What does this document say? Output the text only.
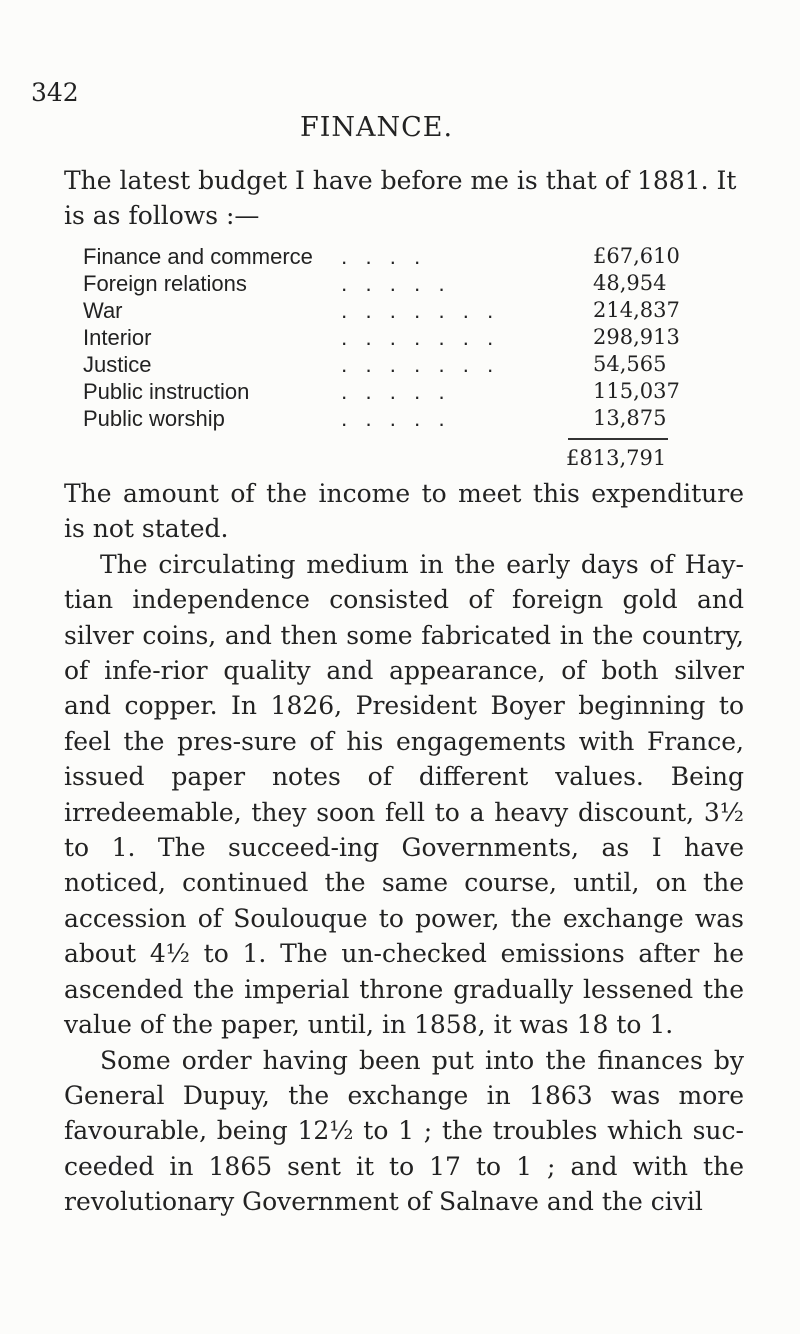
342
FINANCE.

The latest budget I have before me is that of 1881. It is as follows :—

Finance and commerce .  .  .  .	£67,610
Foreign relations	.  .  .  .  .	48,954
War	.  .  .  .  .  .  .	214,837
Interior	.  .  .  .  .  .  .	298,913
Justice	.  .  .  .  .  .  .	54,565
Public instruction	.  .  .  .  .	115,037
Public worship	.  .  .  .  .	13,875
£813,791

The amount of the income to meet this expenditure is not stated.

The circulating medium in the early days of Hay-tian independence consisted of foreign gold and silver coins, and then some fabricated in the country, of infe-rior quality and appearance, of both silver and copper. In 1826, President Boyer beginning to feel the pres-sure of his engagements with France, issued paper notes of different values. Being irredeemable, they soon fell to a heavy discount, 3½ to 1. The succeed-ing Governments, as I have noticed, continued the same course, until, on the accession of Soulouque to power, the exchange was about 4½ to 1. The un-checked emissions after he ascended the imperial throne gradually lessened the value of the paper, until, in 1858, it was 18 to 1.

Some order having been put into the finances by General Dupuy, the exchange in 1863 was more favourable, being 12½ to 1 ; the troubles which suc-ceeded in 1865 sent it to 17 to 1 ; and with the revolutionary Government of Salnave and the civil
